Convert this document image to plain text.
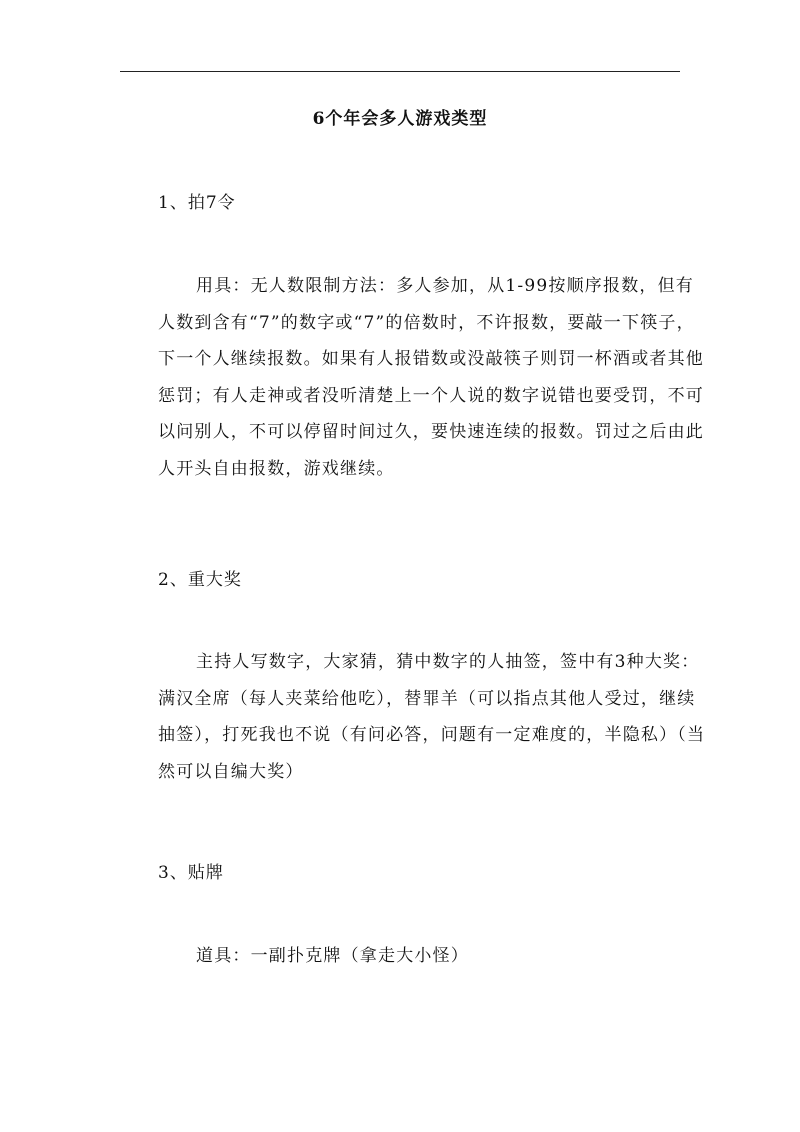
6个年会多人游戏类型
1、拍7令
用具：无人数限制方法：多人参加，从1-99按顺序报数，但有
人数到含有“7”的数字或“7”的倍数时，不许报数，要敲一下筷子，
下一个人继续报数。如果有人报错数或没敲筷子则罚一杯酒或者其他
惩罚；有人走神或者没听清楚上一个人说的数字说错也要受罚，不可
以问别人，不可以停留时间过久，要快速连续的报数。罚过之后由此
人开头自由报数，游戏继续。
2、重大奖
主持人写数字，大家猜，猜中数字的人抽签，签中有3种大奖：
满汉全席（每人夹菜给他吃），替罪羊（可以指点其他人受过，继续
抽签），打死我也不说（有问必答，问题有一定难度的，半隐私）（当
然可以自编大奖）
3、贴牌
道具：一副扑克牌（拿走大小怪）
